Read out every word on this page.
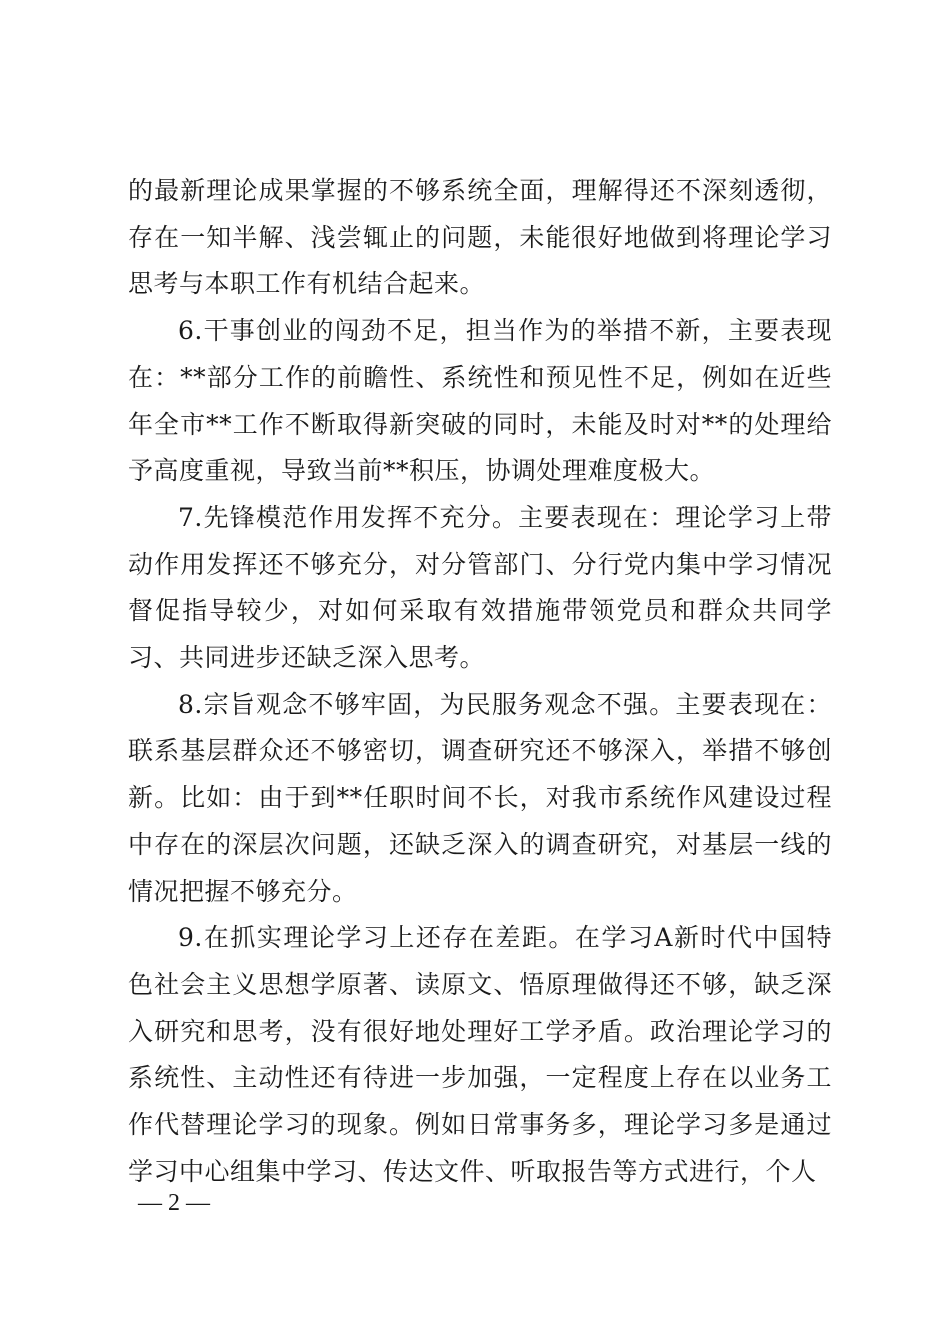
的最新理论成果掌握的不够系统全面，理解得还不深刻透彻，存在一知半解、浅尝辄止的问题，未能很好地做到将理论学习思考与本职工作有机结合起来。

6.干事创业的闯劲不足，担当作为的举措不新，主要表现在：**部分工作的前瞻性、系统性和预见性不足，例如在近些年全市**工作不断取得新突破的同时，未能及时对**的处理给予高度重视，导致当前**积压，协调处理难度极大。

7.先锋模范作用发挥不充分。主要表现在：理论学习上带动作用发挥还不够充分，对分管部门、分行党内集中学习情况督促指导较少，对如何采取有效措施带领党员和群众共同学习、共同进步还缺乏深入思考。

8.宗旨观念不够牢固，为民服务观念不强。主要表现在：联系基层群众还不够密切，调查研究还不够深入，举措不够创新。比如：由于到**任职时间不长，对我市系统作风建设过程中存在的深层次问题，还缺乏深入的调查研究，对基层一线的情况把握不够充分。

9.在抓实理论学习上还存在差距。在学习A新时代中国特色社会主义思想学原著、读原文、悟原理做得还不够，缺乏深入研究和思考，没有很好地处理好工学矛盾。政治理论学习的系统性、主动性还有待进一步加强，一定程度上存在以业务工作代替理论学习的现象。例如日常事务多，理论学习多是通过学习中心组集中学习、传达文件、听取报告等方式进行，个人

— 2 —
